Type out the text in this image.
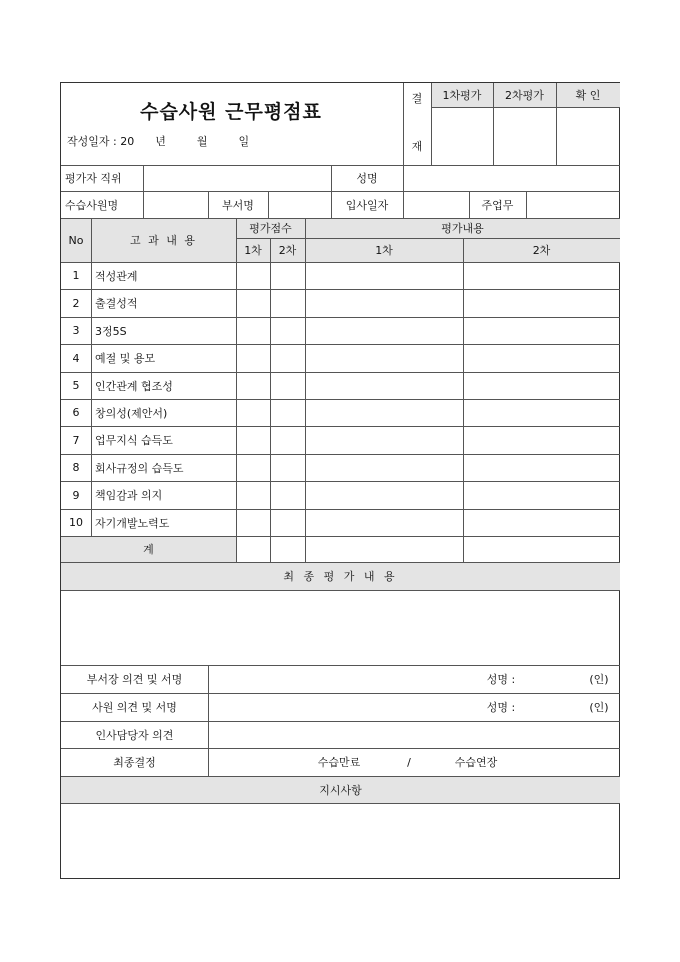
수습사원 근무평점표
작성일자 : 20 년	월	일
결
재
1차평가	2차평가	확 인
평가자 직위	성명
수습사원명	부서명	입사일자	주업무
No	고 과 내 용
평가점수	평가내용
1차	2차	1차	2차
1	적성관계
2	출결성적
3	3정5S
4	예절 및 용모
5	인간관계 협조성
6	창의성(제안서)
7	업무지식 습득도
8	회사규정의 습득도
9	책임감과 의지
10	자기개발노력도
계
최 종 평 가 내 용
부서장 의견 및 서명	성명 :	(인)
사원 의견 및 서명	성명 :	(인)
인사담당자 의견
최종결정	수습만료	/	수습연장
지시사항
